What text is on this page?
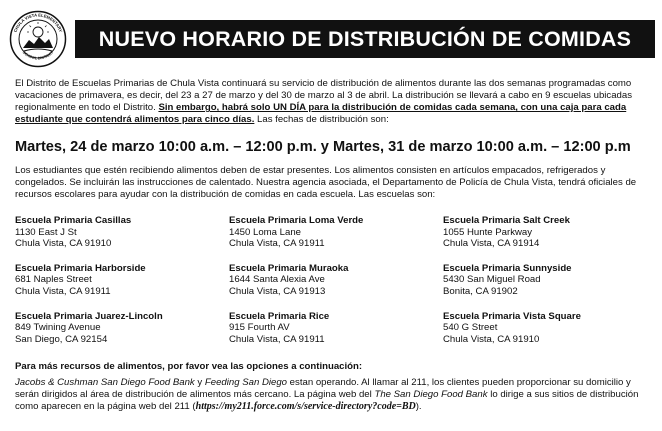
CHULA VISTA ELEMENTARY
SCHOOL DISTRICT
NUEVO HORARIO DE DISTRIBUCIÓN DE COMIDAS

El Distrito de Escuelas Primarias de Chula Vista continuará su servicio de distribución de alimentos durante las dos semanas programadas como vacaciones de primavera, es decir, del 23 a 27 de marzo y del 30 de marzo al 3 de abril. La distribución se llevará a cabo en 9 escuelas ubicadas regionalmente en todo el Distrito. Sin embargo, habrá solo UN DÍA para la distribución de comidas cada semana, con una caja para cada estudiante que contendrá alimentos para cinco días. Las fechas de distribución son:

Martes, 24 de marzo 10:00 a.m. – 12:00 p.m. y Martes, 31 de marzo 10:00 a.m. – 12:00 p.m

Los estudiantes que estén recibiendo alimentos deben de estar presentes. Los alimentos consisten en artículos empacados, refrigerados y congelados. Se incluirán las instrucciones de calentado. Nuestra agencia asociada, el Departamento de Policía de Chula Vista, tendrá oficiales de recursos escolares para ayudar con la distribución de comidas en cada escuela. Las escuelas son:

Escuela Primaria Casillas
1130 East J St
Chula Vista, CA 91910
Escuela Primaria Loma Verde
1450 Loma Lane
Chula Vista, CA 91911
Escuela Primaria Salt Creek
1055 Hunte Parkway
Chula Vista, CA 91914
Escuela Primaria Harborside
681 Naples Street
Chula Vista, CA 91911
Escuela Primaria Muraoka
1644 Santa Alexia Ave
Chula Vista, CA 91913
Escuela Primaria Sunnyside
5430 San Miguel Road
Bonita, CA 91902
Escuela Primaria Juarez-Lincoln
849 Twining Avenue
San Diego, CA 92154
Escuela Primaria Rice
915 Fourth AV
Chula Vista, CA 91911
Escuela Primaria Vista Square
540 G Street
Chula Vista, CA 91910
Para más recursos de alimentos, por favor vea las opciones a continuación:

Jacobs & Cushman San Diego Food Bank y Feeding San Diego estan operando. Al llamar al 211, los clientes pueden proporcionar su domicilio y serán dirigidos al área de distribución de alimentos más cercano. La página web del The San Diego Food Bank lo dirige a sus sitios de distribución como aparecen en la página web del 211 (https://my211.force.com/s/service-directory?code=BD).
